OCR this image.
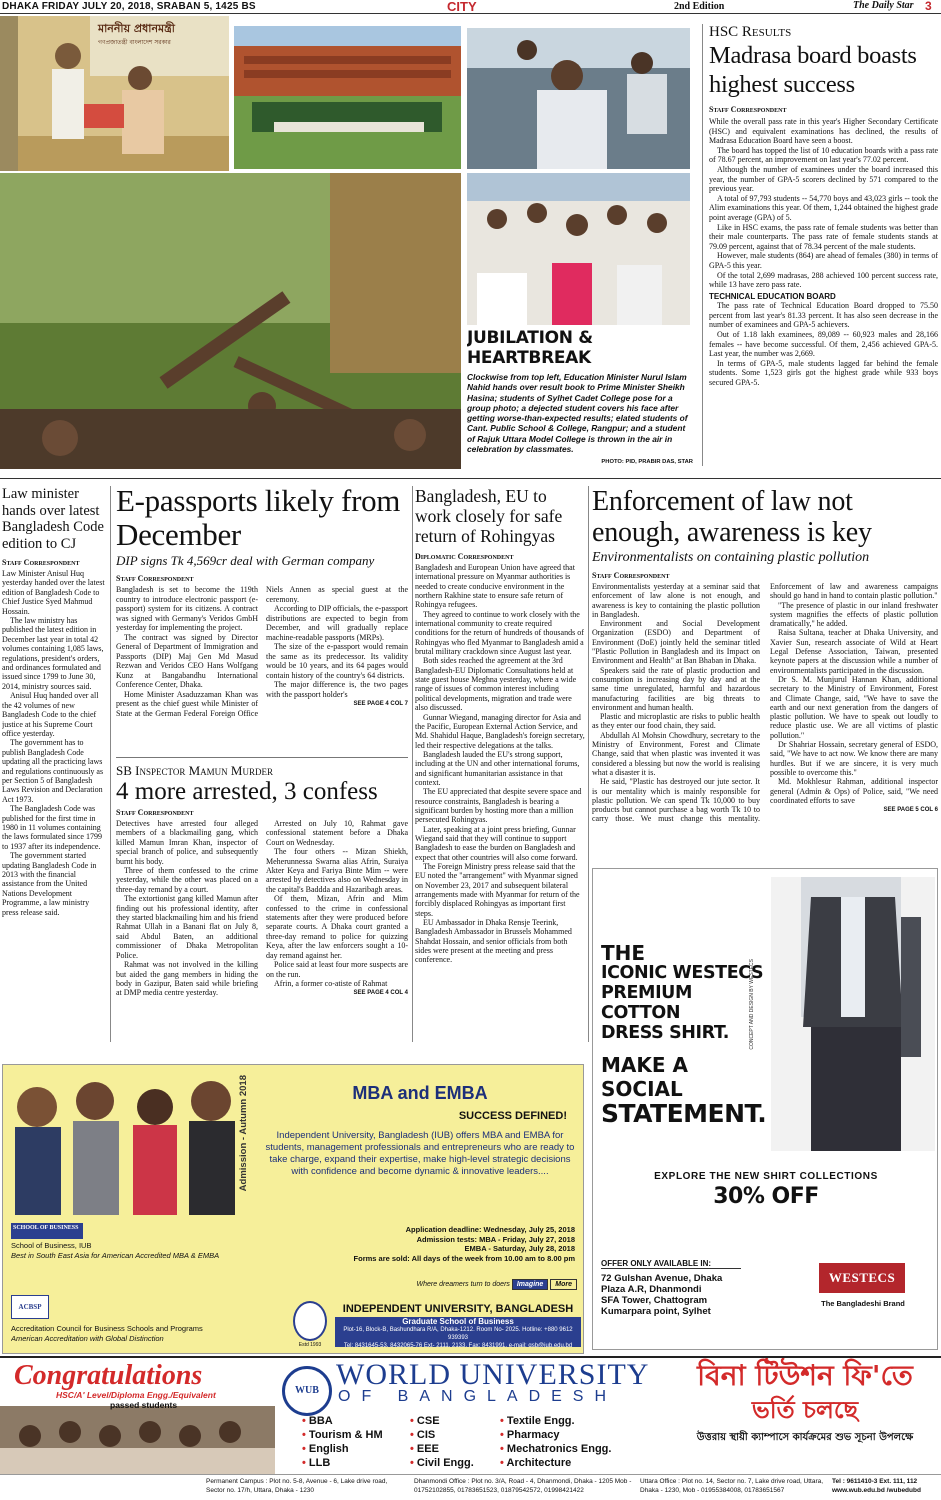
DHAKA FRIDAY JULY 20, 2018, SRABAN 5, 1425 BS	CITY	2nd Edition	The Daily Star 3
মাননীয় প্রধানমন্ত্রী
গণপ্রজাতন্ত্রী বাংলাদেশ সরকার
JUBILATION & HEARTBREAK
Clockwise from top left, Education Minister Nurul Islam Nahid hands over result book to Prime Minister Sheikh Hasina; students of Sylhet Cadet College pose for a group photo; a dejected student covers his face after getting worse-than-expected results; elated students of Cant. Public School & College, Rangpur; and a student of Rajuk Uttara Model College is thrown in the air in celebration by classmates.
PHOTO: PID, PRABIR DAS, STAR
HSC Results
Madrasa board boasts highest success
Staff Correspondent

While the overall pass rate in this year's Higher Secondary Certificate (HSC) and equivalent examinations has declined, the results of Madrasa Education Board have seen a boost.

The board has topped the list of 10 education boards with a pass rate of 78.67 percent, an improvement on last year's 77.02 percent.

Although the number of examinees under the board increased this year, the number of GPA-5 scorers declined by 571 compared to the previous year.

A total of 97,793 students -- 54,770 boys and 43,023 girls -- took the Alim examinations this year. Of them, 1,244 obtained the highest grade point average (GPA) of 5.

Like in HSC exams, the pass rate of female students was better than their male counterparts. The pass rate of female students stands at 79.09 percent, against that of 78.34 percent of the male students.

However, male students (864) are ahead of females (380) in terms of GPA-5 this year.

Of the total 2,699 madrasas, 288 achieved 100 percent success rate, while 13 have zero pass rate.

TECHNICAL EDUCATION BOARD

The pass rate of Technical Education Board dropped to 75.50 percent from last year's 81.33 percent. It has also seen decrease in the number of examinees and GPA-5 achievers.

Out of 1.18 lakh examinees, 89,089 -- 60,923 males and 28,166 females -- have become successful. Of them, 2,456 achieved GPA-5. Last year, the number was 2,669.

In terms of GPA-5, male students lagged far behind the female students. Some 1,523 girls got the highest grade while 933 boys secured GPA-5.

Law minister hands over latest Bangladesh Code edition to CJ
Staff Correspondent

Law Minister Anisul Huq yesterday handed over the latest edition of Bangladesh Code to Chief Justice Syed Mahmud Hossain.

The law ministry has published the latest edition in December last year in total 42 volumes containing 1,085 laws, regulations, president's orders, and ordinances formulated and issued since 1799 to June 30, 2014, ministry sources said.

Anisul Huq handed over all the 42 volumes of new Bangladesh Code to the chief justice at his Supreme Court office yesterday.

The government has to publish Bangladesh Code updating all the practicing laws and regulations continuously as per Section 5 of Bangladesh Laws Revision and Declaration Act 1973.

The Bangladesh Code was published for the first time in 1980 in 11 volumes containing the laws formulated since 1799 to 1937 after its independence.

The government started updating Bangladesh Code in 2013 with the financial assistance from the United Nations Development Programme, a law ministry press release said.

E-passports likely from December
DIP signs Tk 4,569cr deal with German company
Staff Correspondent

Bangladesh is set to become the 119th country to introduce electronic passport (e-passport) system for its citizens. A contract was signed with Germany's Veridos GmbH yesterday for implementing the project.

The contract was signed by Director General of Department of Immigration and Passports (DIP) Maj Gen Md Masud Rezwan and Veridos CEO Hans Wolfgang Kunz at Bangabandhu International Conference Center, Dhaka.

Home Minister Asaduzzaman Khan was present as the chief guest while Minister of State at the German Federal Foreign Office Niels Annen as special guest at the ceremony.

According to DIP officials, the e-passport distributions are expected to begin from December, and will gradually replace machine-readable passports (MRPs).

The size of the e-passport would remain the same as its predecessor. Its validity would be 10 years, and its 64 pages would contain history of the country's 64 districts.

The major difference is, the two pages with the passport holder's

SEE PAGE 4 COL 7
SB Inspector Mamun Murder
4 more arrested, 3 confess
Staff Correspondent

Detectives have arrested four alleged members of a blackmailing gang, which killed Mamun Imran Khan, inspector of special branch of police, and subsequently burnt his body.

Three of them confessed to the crime yesterday, while the other was placed on a three-day remand by a court.

The extortionist gang killed Mamun after finding out his professional identity, after they started blackmailing him and his friend Rahmat Ullah in a Banani flat on July 8, said Abdul Baten, an additional commissioner of Dhaka Metropolitan Police.

Rahmat was not involved in the killing but aided the gang members in hiding the body in Gazipur, Baten said while briefing at DMP media centre yesterday.

Arrested on July 10, Rahmat gave confessional statement before a Dhaka Court on Wednesday.

The four others -- Mizan Shiekh, Meherunnessa Swarna alias Afrin, Suraiya Akter Keya and Fariya Binte Mim -- were arrested by detectives also on Wednesday in the capital's Baddda and Hazaribagh areas.

Of them, Mizan, Afrin and Mim confessed to the crime in confessional statements after they were produced before separate courts. A Dhaka court granted a three-day remand to police for quizzing Keya, after the law enforcers sought a 10-day remand against her.

Police said at least four more suspects are on the run.

Afrin, a former co-atiste of Rahmat

SEE PAGE 4 COL 4
Bangladesh, EU to work closely for safe return of Rohingyas
Diplomatic Correspondent

Bangladesh and European Union have agreed that international pressure on Myanmar authorities is needed to create conducive environment in the northern Rakhine state to ensure safe return of Rohingya refugees.

They agreed to continue to work closely with the international community to create required conditions for the return of hundreds of thousands of Rohingyas who fled Myanmar to Bangladesh amid a brutal military crackdown since August last year.

Both sides reached the agreement at the 3rd Bangladesh-EU Diplomatic Consultations held at state guest house Meghna yesterday, where a wide range of issues of common interest including political developments, migration and trade were also discussed.

Gunnar Wiegand, managing director for Asia and the Pacific, European External Action Service, and Md. Shahidul Haque, Bangladesh's foreign secretary, led their respective delegations at the talks.

Bangladesh lauded the EU's strong support, including at the UN and other international forums, and significant humanitarian assistance in that context.

The EU appreciated that despite severe space and resource constraints, Bangladesh is bearing a significant burden by hosting more than a million persecuted Rohingyas.

Later, speaking at a joint press briefing, Gunnar Wiegand said that they will continue to support Bangladesh to ease the burden on Bangladesh and expect that other countries will also come forward.

The Foreign Ministry press release said that the EU noted the "arrangement" with Myanmar signed on November 23, 2017 and subsequent bilateral arrangements made with Myanmar for return of the forcibly displaced Rohingyas as important first steps.

EU Ambassador in Dhaka Rensje Teerink, Bangladesh Ambassador in Brussels Mohammed Shahdat Hossain, and senior officials from both sides were present at the meeting and press conference.

Enforcement of law not enough, awareness is key
Environmentalists on containing plastic pollution
Staff Correspondent

Environmentalists yesterday at a seminar said that enforcement of law alone is not enough, and awareness is key to containing the plastic pollution in Bangladesh.

Environment and Social Development Organization (ESDO) and Department of Environment (DoE) jointly held the seminar titled "Plastic Pollution in Bangladesh and its Impact on Environment and Health" at Ban Bhaban in Dhaka.

Speakers said the rate of plastic production and consumption is increasing day by day and at the same time unregulated, harmful and hazardous manufacturing facilities are big threats to environment and human health.

Plastic and microplastic are risks to public health as they enter our food chain, they said.

Abdullah Al Mohsin Chowdhury, secretary to the Ministry of Environment, Forest and Climate Change, said that when plastic was invented it was considered a blessing but now the world is realising what a disaster it is.

He said, "Plastic has destroyed our jute sector. It is our mentality which is mainly responsible for plastic pollution. We can spend Tk 10,000 to buy products but cannot purchase a bag worth Tk 10 to carry those. We must change this mentality. Enforcement of law and awareness campaigns should go hand in hand to contain plastic pollution."

"The presence of plastic in our inland freshwater system magnifies the effects of plastic pollution dramatically," he added.

Raisa Sultana, teacher at Dhaka University, and Xavier Sun, research associate of Wild at Heart Legal Defense Association, Taiwan, presented keynote papers at the discussion while a number of environmentalists participated in the discussion.

Dr S. M. Munjurul Hannan Khan, additional secretary to the Ministry of Environment, Forest and Climate Change, said, "We have to save the earth and our next generation from the dangers of plastic pollution. We have to speak out loudly to reduce plastic use. We are all victims of plastic pollution."

Dr Shahriar Hossain, secretary general of ESDO, said, "We have to act now. We know there are many hurdles. But if we are sincere, it is very much possible to overcome this."

Md. Mokhlesur Rahman, additional inspector general (Admin & Ops) of Police, said, "We need coordinated efforts to save

SEE PAGE 5 COL 6
CONCEPT AND DESIGN BY WESTECS
THE
ICONIC WESTECS
PREMIUM COTTON
DRESS SHIRT.
MAKE A SOCIAL
STATEMENT.
EXPLORE THE NEW SHIRT COLLECTIONS
30% OFF
OFFER ONLY AVAILABLE IN:
72 Gulshan Avenue, Dhaka
Plaza A.R, Dhanmondi
SFA Tower, Chattogram
Kumarpara point, Sylhet
WESTECS
The Bangladeshi Brand
Admission - Autumn 2018
SCHOOL OF BUSINESS
School of Business, IUB
Best in South East Asia for American Accredited MBA & EMBA
ACBSP
Accreditation Council for Business Schools and Programs
American Accreditation with Global Distinction
MBA and EMBA
SUCCESS DEFINED!
Independent University, Bangladesh (IUB) offers MBA and EMBA for students, management professionals and entrepreneurs who are ready to take charge, expand their expertise, make high-level strategic decisions with confidence and become dynamic & innovative leaders....
Application deadline: Wednesday, July 25, 2018
Admission tests: MBA - Friday, July 27, 2018
EMBA - Saturday, July 28, 2018
Forms are sold: All days of the week from 10.00 am to 8.00 pm
Where dreamers turn to doers Imagine More
Estd 1993
INDEPENDENT UNIVERSITY, BANGLADESH
Graduate School of Business
Plot-16, Block-B, Bashundhara R/A, Dhaka-1212. Room No- 2025. Hotline: +880 9612 939393
Tel: 8431645-53, 8432065-76 Ext- 2111, 2133, Fax: 8431991. e-mail: gsb@iub.edu.bd
Congratulations
HSC/A' Level/Diploma Engg./Equivalent
passed students
WUB WORLD UNIVERSITY
OF BANGLADESH
• BBA
• Tourism & HM
• English
• LLB
• CSE
• CIS
• EEE
• Civil Engg.
• Textile Engg.
• Pharmacy
• Mechatronics Engg.
• Architecture
বিনা টিউশন ফি'তে
ভর্তি চলছে
উত্তরায় স্থায়ী ক্যাম্পাসে কার্যক্রমের শুভ সূচনা উপলক্ষে
Permanent Campus : Plot no. 5-8, Avenue - 6, Lake drive road, Sector no. 17/h, Uttara, Dhaka - 1230
Dhanmondi Office : Plot no. 3/A, Road - 4, Dhanmondi, Dhaka - 1205 Mob - 01752102855, 01783651523, 01879542572, 01998421422
Uttara Office : Plot no. 14, Sector no. 7, Lake drive road, Uttara, Dhaka - 1230, Mob - 01955384008, 01783651567
Tel : 9611410-3 Ext. 111, 112 www.wub.edu.bd /wubedubd
